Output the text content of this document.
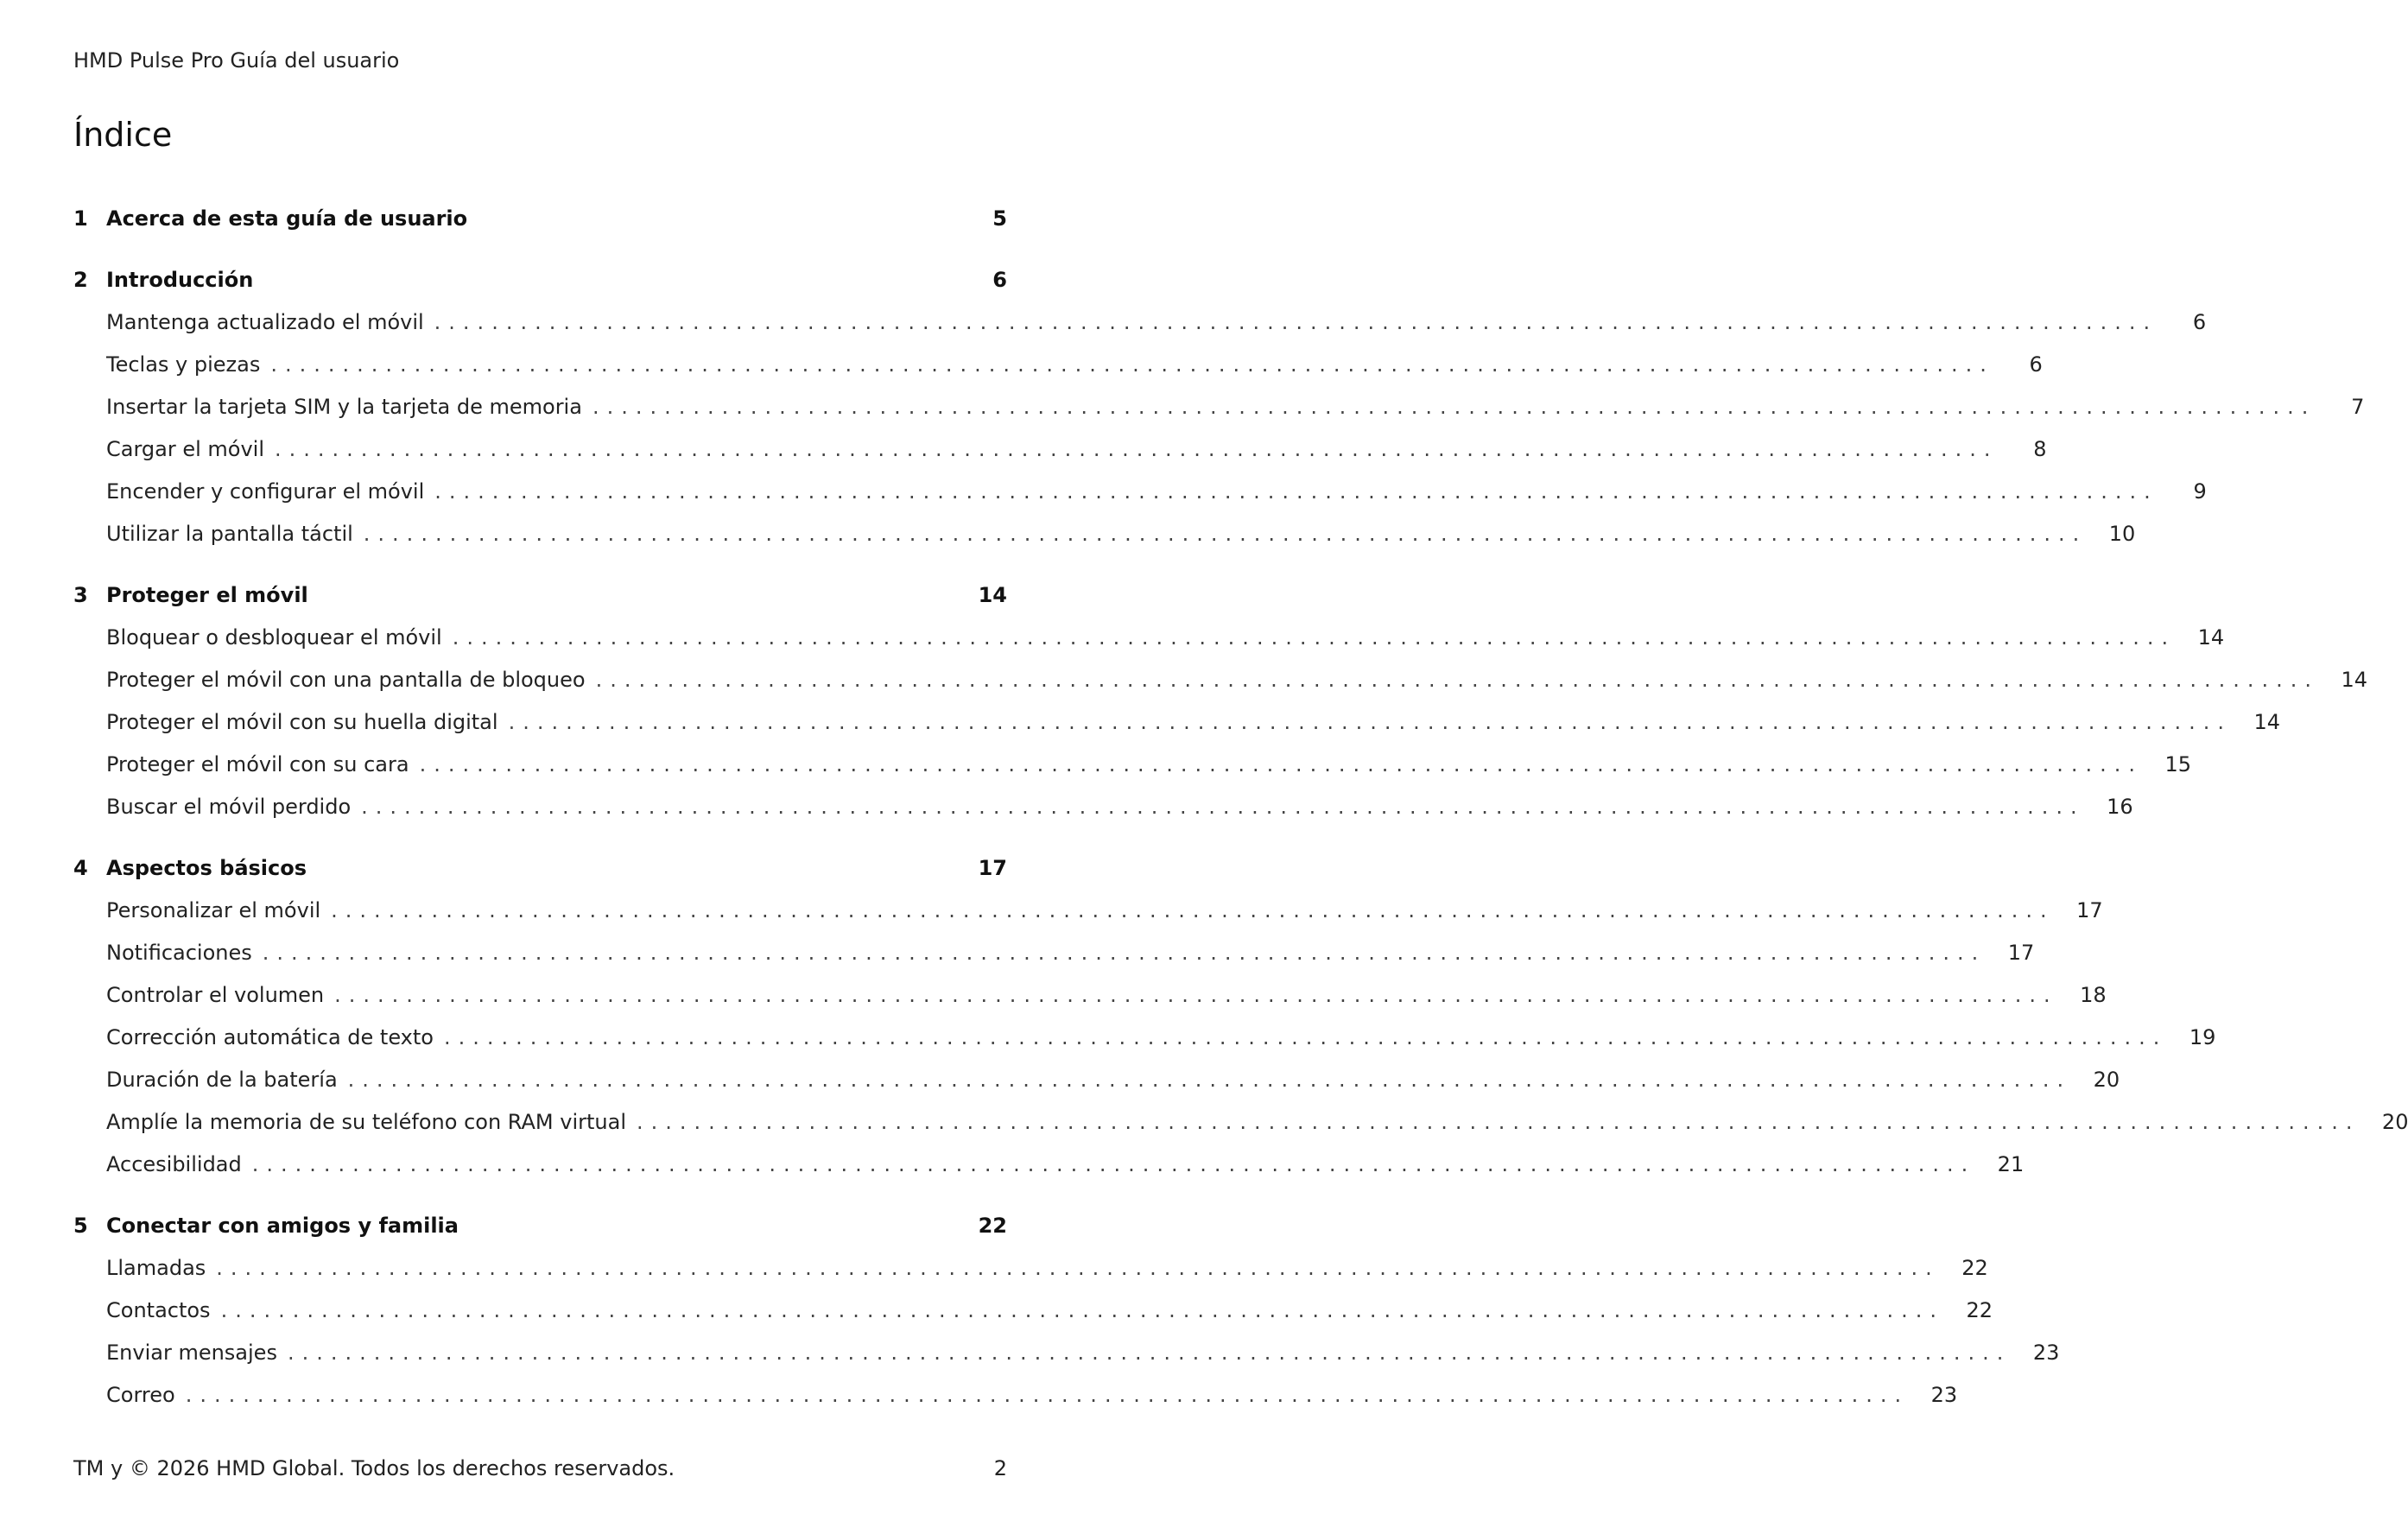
HMD Pulse Pro Guía del usuario
Índice
1 Acerca de esta guía de usuario	5
2 Introducción	6
Mantenga actualizado el móvil ........................................................................................................................	6
Teclas y piezas ........................................................................................................................	6
Insertar la tarjeta SIM y la tarjeta de memoria ........................................................................................................................	7
Cargar el móvil ........................................................................................................................	8
Encender y configurar el móvil ........................................................................................................................	9
Utilizar la pantalla táctil ........................................................................................................................	10
3 Proteger el móvil	14
Bloquear o desbloquear el móvil ........................................................................................................................	14
Proteger el móvil con una pantalla de bloqueo ........................................................................................................................	14
Proteger el móvil con su huella digital ........................................................................................................................	14
Proteger el móvil con su cara ........................................................................................................................	15
Buscar el móvil perdido ........................................................................................................................	16
4 Aspectos básicos	17
Personalizar el móvil ........................................................................................................................	17
Notificaciones ........................................................................................................................	17
Controlar el volumen ........................................................................................................................	18
Corrección automática de texto ........................................................................................................................	19
Duración de la batería ........................................................................................................................	20
Amplíe la memoria de su teléfono con RAM virtual ........................................................................................................................	20
Accesibilidad ........................................................................................................................	21
5 Conectar con amigos y familia	22
Llamadas ........................................................................................................................	22
Contactos ........................................................................................................................	22
Enviar mensajes ........................................................................................................................	23
Correo ........................................................................................................................	23
TM y © 2026 HMD Global. Todos los derechos reservados.	2
